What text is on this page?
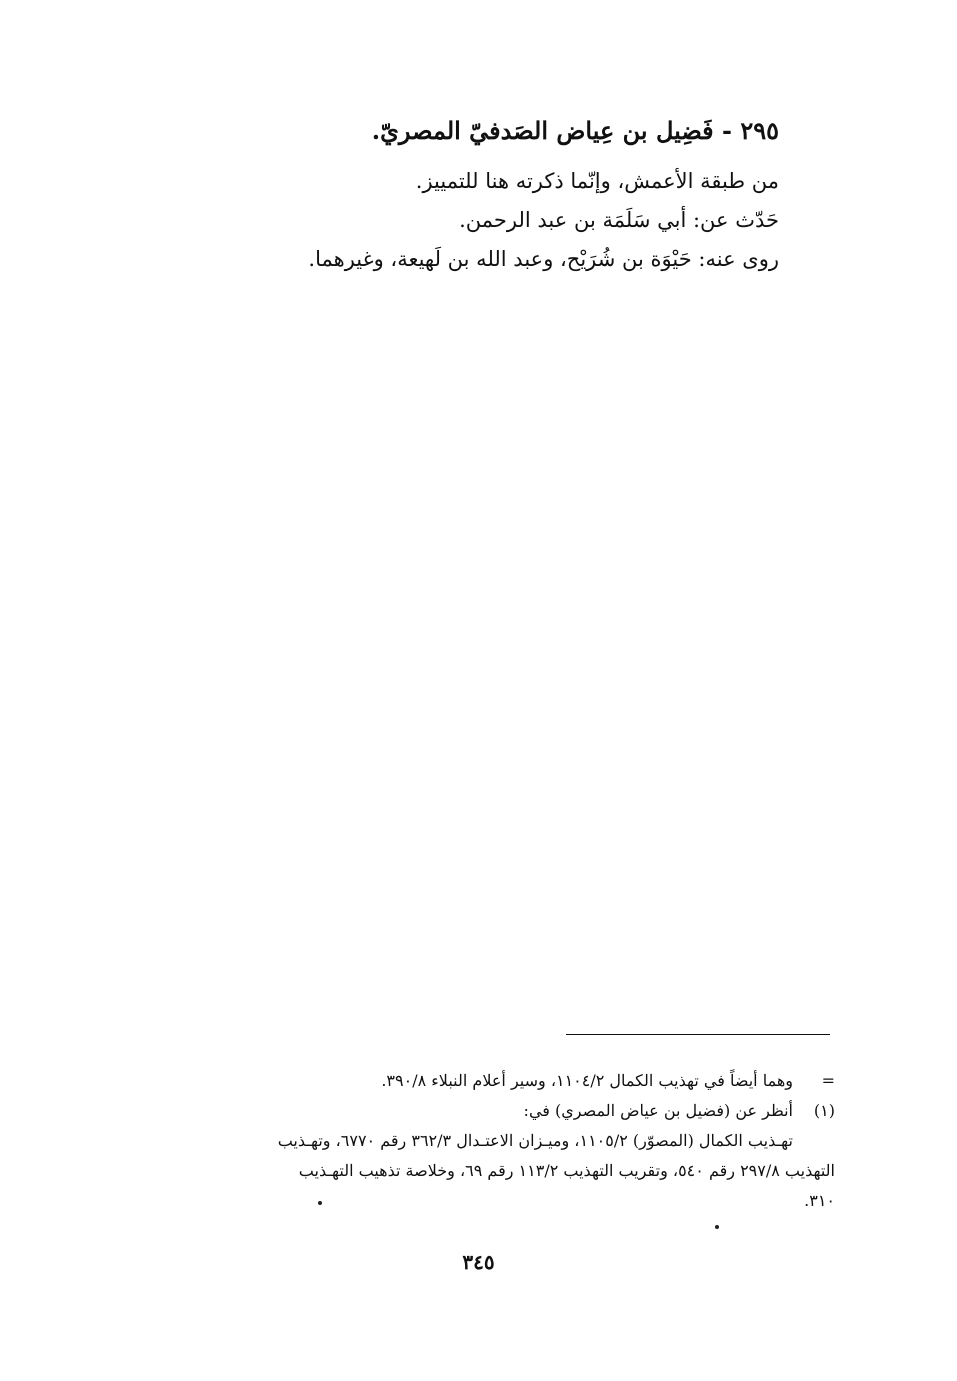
٢٩٥ - فَضِيل بن عِياض الصَدفيّ المصريّ.

من طبقة الأعمش، وإنّما ذكرته هنا للتمييز.

حَدّث عن: أبي سَلَمَة بن عبد الرحمن.

روى عنه: حَيْوَة بن شُرَيْح، وعبد الله بن لَهيعة، وغيرهما.

=
وهما أيضاً في تهذيب الكمال ١١٠٤/٢، وسير أعلام النبلاء ٣٩٠/٨.
(١)
أنظر عن (فضيل بن عياض المصري) في:
تهـذيب الكمال (المصوّر) ١١٠٥/٢، وميـزان الاعتـدال ٣٦٢/٣ رقم ٦٧٧٠، وتهـذيب
التهذيب ٢٩٧/٨ رقم ٥٤٠، وتقريب التهذيب ١١٣/٢ رقم ٦٩، وخلاصة تذهيب التهـذيب
٣١٠.
٣٤٥
